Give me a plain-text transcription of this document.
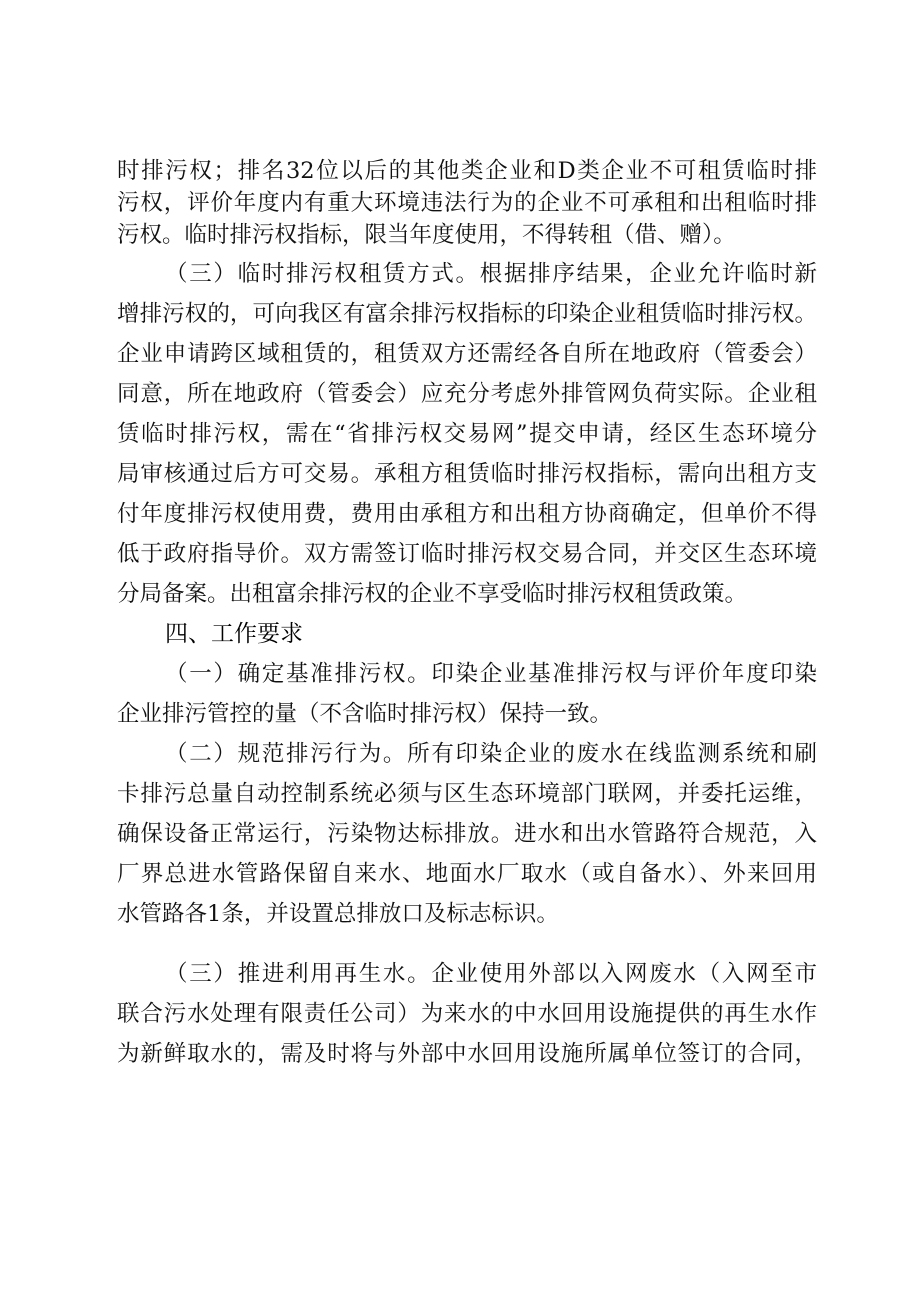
时排污权；排名32位以后的其他类企业和D类企业不可租赁临时排
污权，评价年度内有重大环境违法行为的企业不可承租和出租临时排
污权。临时排污权指标，限当年度使用，不得转租（借、赠）。
（三）临时排污权租赁方式。根据排序结果，企业允许临时新
增排污权的，可向我区有富余排污权指标的印染企业租赁临时排污权。
企业申请跨区域租赁的，租赁双方还需经各自所在地政府（管委会）
同意，所在地政府（管委会）应充分考虑外排管网负荷实际。企业租
赁临时排污权，需在“省排污权交易网”提交申请，经区生态环境分
局审核通过后方可交易。承租方租赁临时排污权指标，需向出租方支
付年度排污权使用费，费用由承租方和出租方协商确定，但单价不得
低于政府指导价。双方需签订临时排污权交易合同，并交区生态环境
分局备案。出租富余排污权的企业不享受临时排污权租赁政策。
四、工作要求
（一）确定基准排污权。印染企业基准排污权与评价年度印染
企业排污管控的量（不含临时排污权）保持一致。
（二）规范排污行为。所有印染企业的废水在线监测系统和刷
卡排污总量自动控制系统必须与区生态环境部门联网，并委托运维，
确保设备正常运行，污染物达标排放。进水和出水管路符合规范，入
厂界总进水管路保留自来水、地面水厂取水（或自备水）、外来回用
水管路各1条，并设置总排放口及标志标识。
（三）推进利用再生水。企业使用外部以入网废水（入网至市
联合污水处理有限责任公司）为来水的中水回用设施提供的再生水作
为新鲜取水的，需及时将与外部中水回用设施所属单位签订的合同，
